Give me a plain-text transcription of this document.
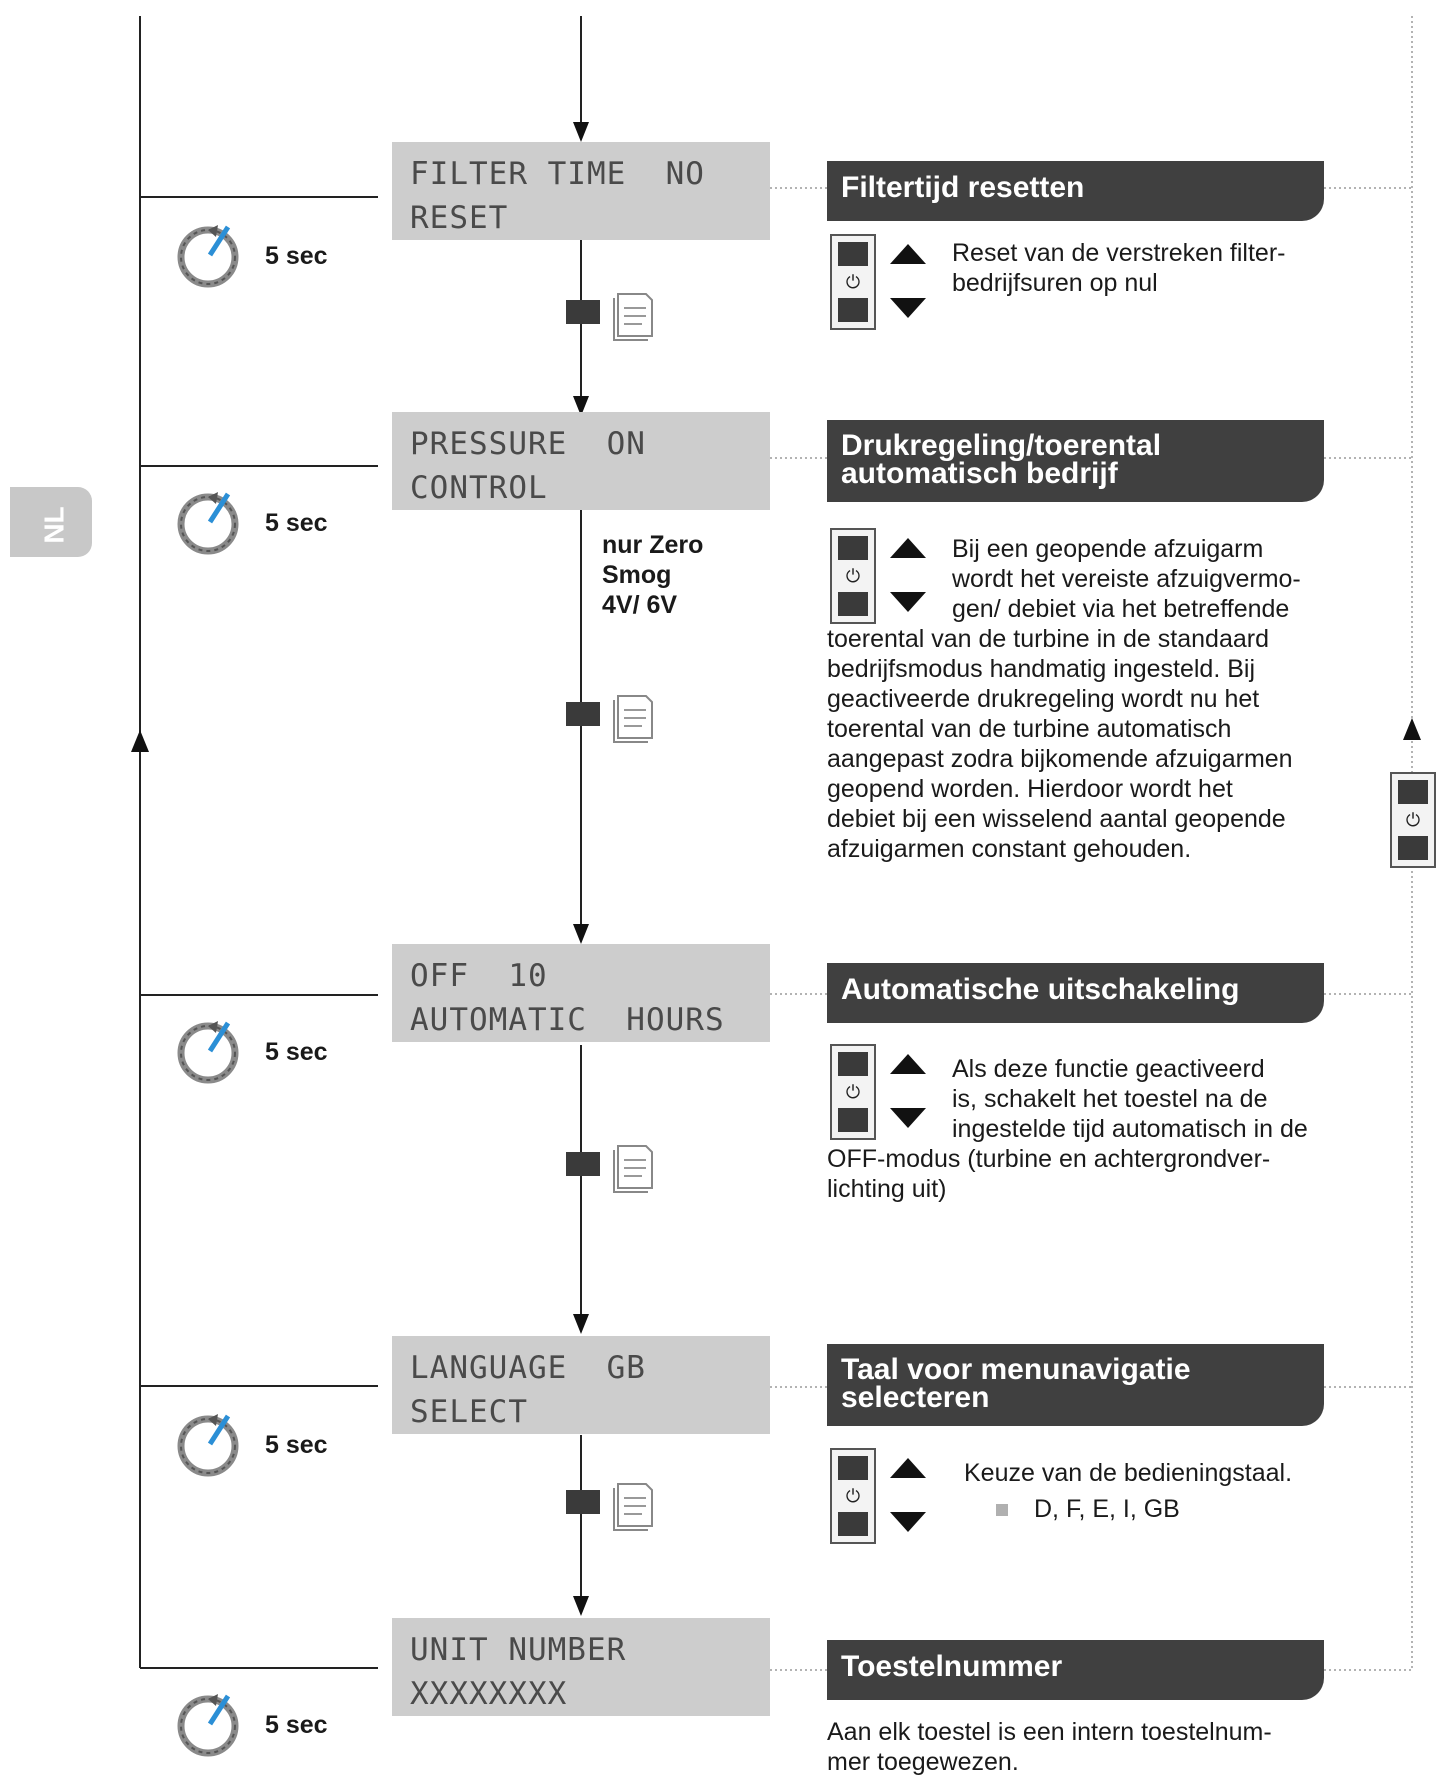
NL
FILTER TIME  NO
RESET
PRESSURE  ON
CONTROL
OFF  10
AUTOMATIC  HOURS
LANGUAGE  GB
SELECT
UNIT NUMBER
XXXXXXXX
5 sec
5 sec
5 sec
5 sec
5 sec
nur Zero
Smog
4V/ 6V
Filtertijd resetten
Drukregeling/toerental
automatisch bedrijf
Automatische uitschakeling
Taal voor menunavigatie
selecteren
Toestelnummer
⏻
⏻
⏻
⏻
⏻
Reset van de verstreken filter-
bedrijfsuren op nul
Bij een geopende afzuigarm
wordt het vereiste afzuigvermo-
gen/ debiet via het betreffende
toerental van de turbine in de standaard
bedrijfsmodus handmatig ingesteld. Bij
geactiveerde drukregeling wordt nu het
toerental van de turbine automatisch
aangepast zodra bijkomende afzuigarmen
geopend worden. Hierdoor wordt het
debiet bij een wisselend aantal geopende
afzuigarmen constant gehouden.
Als deze functie geactiveerd
is, schakelt het toestel na de
ingestelde tijd automatisch in de
OFF-modus (turbine en achtergrondver-
lichting uit)
Keuze van de bedieningstaal.
D, F, E, I, GB
Aan elk toestel is een intern toestelnum-
mer toegewezen.
